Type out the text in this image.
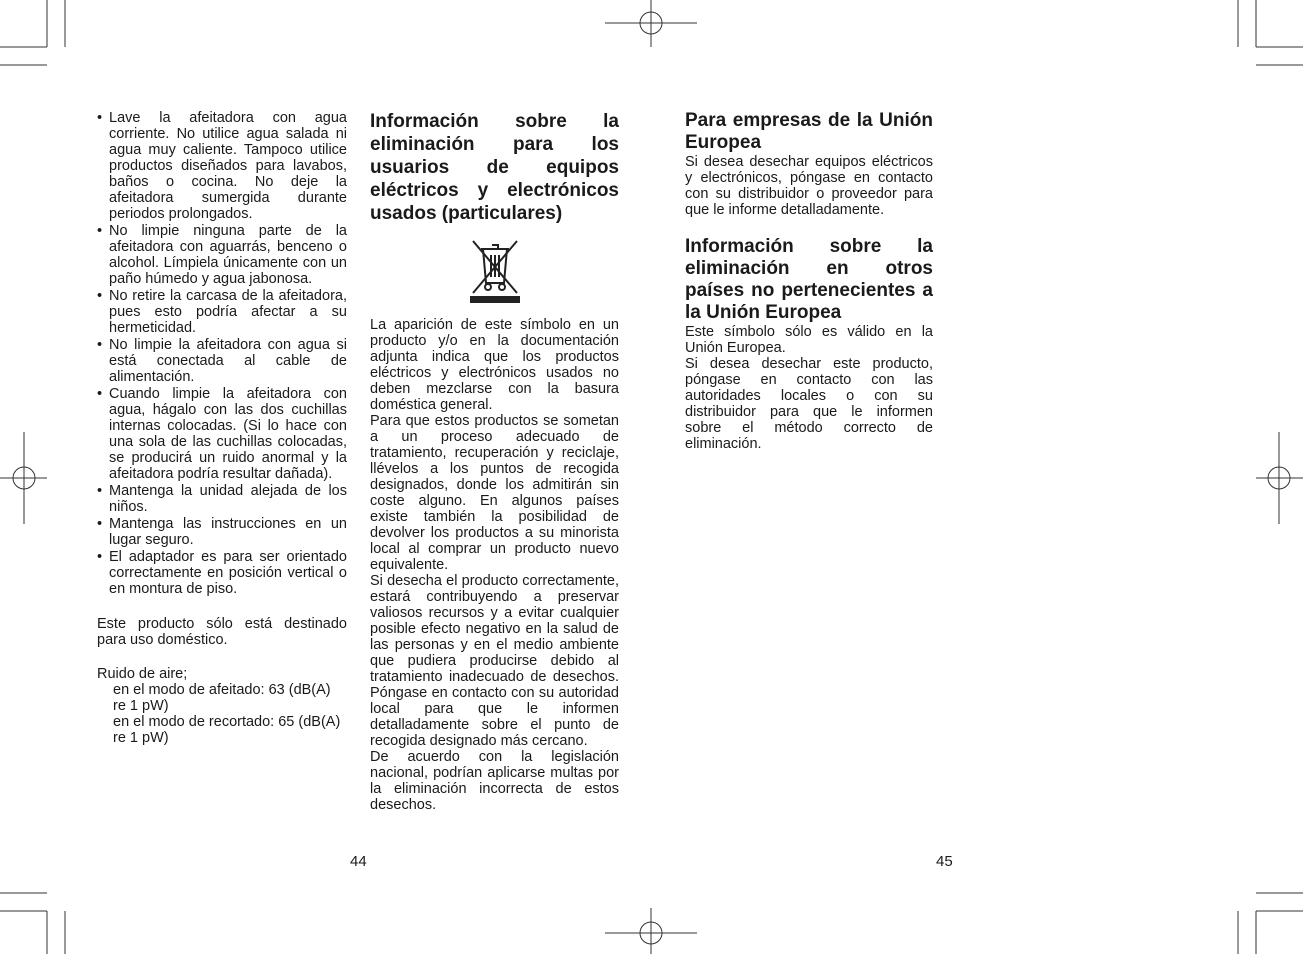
• Lave la afeitadora con agua corriente. No utilice agua salada ni agua muy caliente. Tampoco utilice productos diseñados para lavabos, baños o cocina. No deje la afeitadora sumergida durante periodos prolongados.
• No limpie ninguna parte de la afeitadora con aguarrás, benceno o alcohol. Límpiela únicamente con un paño húmedo y agua jabonosa.
• No retire la carcasa de la afeitadora, pues esto podría afectar a su hermeticidad.
• No limpie la afeitadora con agua si está conectada al cable de alimentación.
• Cuando limpie la afeitadora con agua, hágalo con las dos cuchillas internas colocadas. (Si lo hace con una sola de las cuchillas colocadas, se producirá un ruido anormal y la afeitadora podría resultar dañada).
• Mantenga la unidad alejada de los niños.
• Mantenga las instrucciones en un lugar seguro.
• El adaptador es para ser orientado correctamente en posición vertical o en montura de piso.

Este producto sólo está destinado para uso doméstico.

Ruido de aire;

en el modo de afeitado: 63 (dB(A) re 1 pW)

en el modo de recortado: 65 (dB(A) re 1 pW)

Información sobre la eliminación para los usuarios de equipos eléctricos y electrónicos usados (particulares)

La aparición de este símbolo en un producto y/o en la documentación adjunta indica que los productos eléctricos y electrónicos usados no deben mezclarse con la basura doméstica general.

Para que estos productos se sometan a un proceso adecuado de tratamiento, recuperación y reciclaje, llévelos a los puntos de recogida designados, donde los admitirán sin coste alguno. En algunos países existe también la posibilidad de devolver los productos a su minorista local al comprar un producto nuevo equivalente.

Si desecha el producto correctamente, estará contribuyendo a preservar valiosos recursos y a evitar cualquier posible efecto negativo en la salud de las personas y en el medio ambiente que pudiera producirse debido al tratamiento inadecuado de desechos. Póngase en contacto con su autoridad local para que le informen detalladamente sobre el punto de recogida designado más cercano.

De acuerdo con la legislación nacional, podrían aplicarse multas por la eliminación incorrecta de estos desechos.

Para empresas de la Unión Europea

Si desea desechar equipos eléctricos y electrónicos, póngase en contacto con su distribuidor o proveedor para que le informe detalladamente.

Información sobre la eliminación en otros países no pertenecientes a la Unión Europea

Este símbolo sólo es válido en la Unión Europea.

Si desea desechar este producto, póngase en contacto con las autoridades locales o con su distribuidor para que le informen sobre el método correcto de eliminación.

44	45
